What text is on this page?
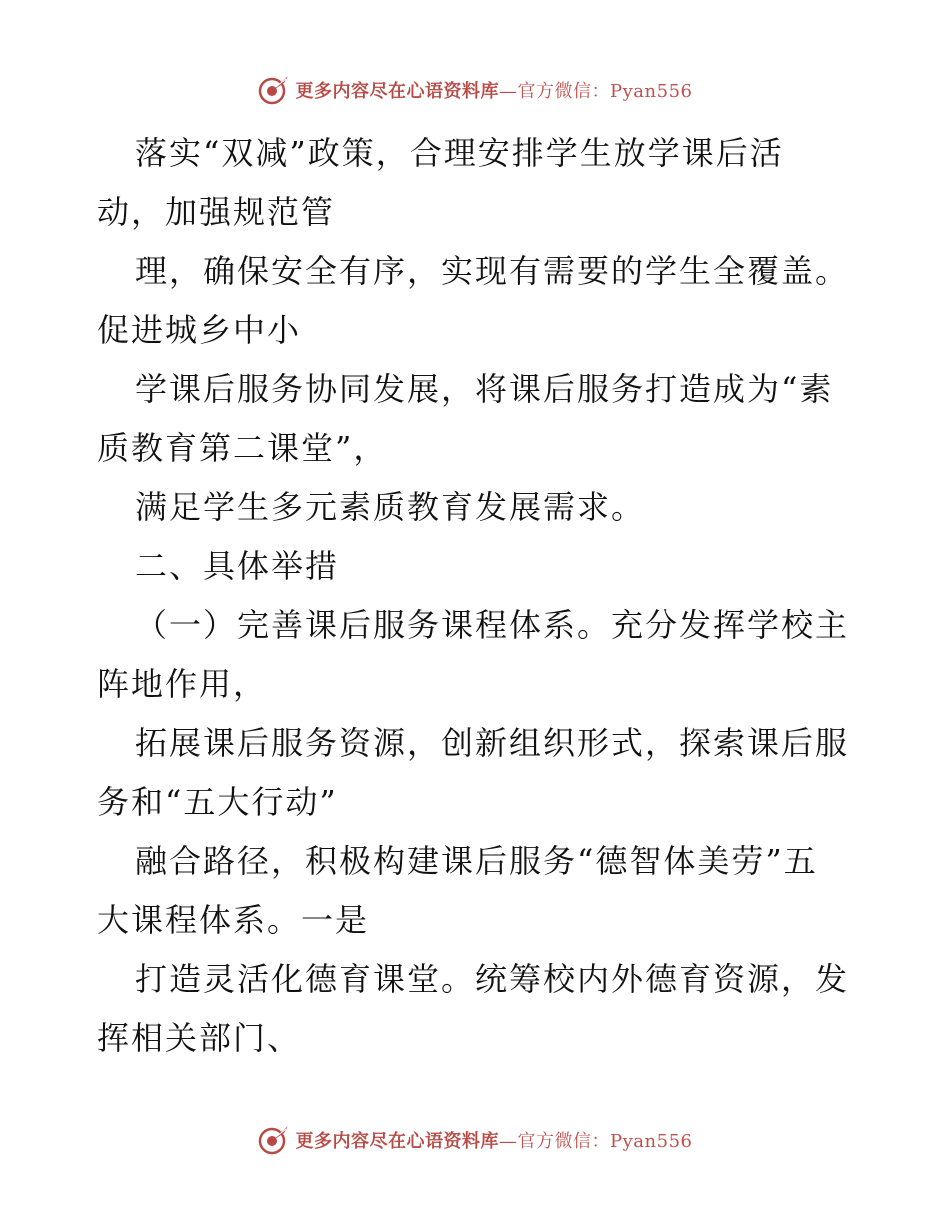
更多内容尽在心语资料库—官方微信：Pyan556
落实“双减”政策，合理安排学生放学课后活
动，加强规范管
理，确保安全有序，实现有需要的学生全覆盖。
促进城乡中小
学课后服务协同发展，将课后服务打造成为“素
质教育第二课堂”，
满足学生多元素质教育发展需求。
二、具体举措
（一）完善课后服务课程体系。充分发挥学校主
阵地作用，
拓展课后服务资源，创新组织形式，探索课后服
务和“五大行动”
融合路径，积极构建课后服务“德智体美劳”五
大课程体系。一是
打造灵活化德育课堂。统筹校内外德育资源，发
挥相关部门、
更多内容尽在心语资料库—官方微信：Pyan556
